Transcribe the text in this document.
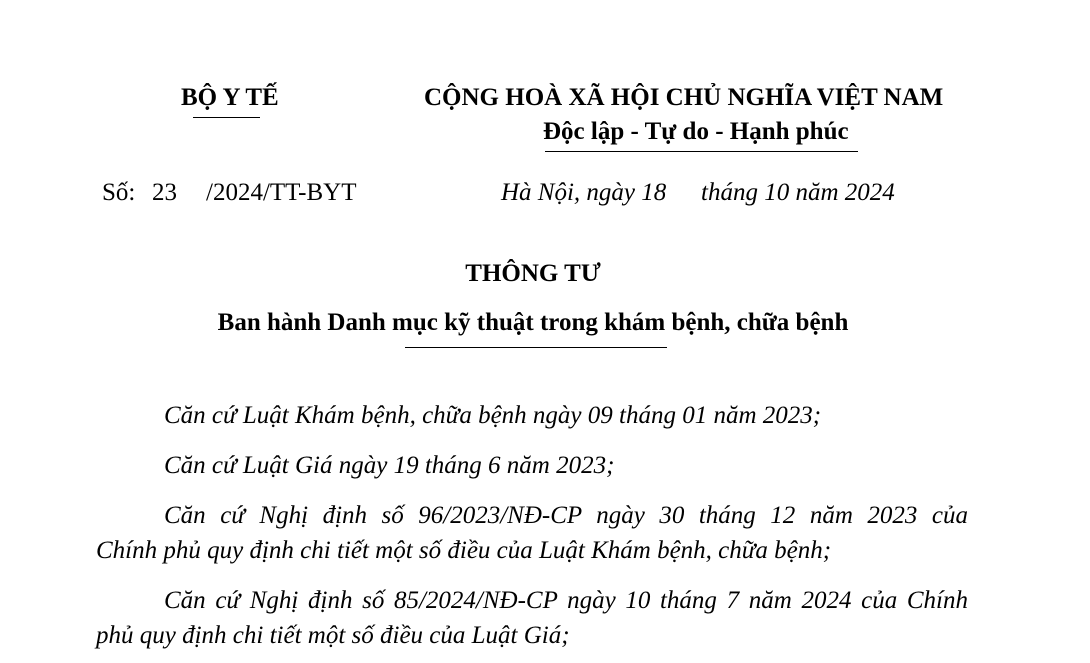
BỘ Y TẾ	CỘNG HOÀ XÃ HỘI CHỦ NGHĨA VIỆT NAM
Độc lập - Tự do - Hạnh phúc
Số: 23 /2024/TT-BYT	Hà Nội, ngày 18 tháng 10 năm 2024
THÔNG TƯ
Ban hành Danh mục kỹ thuật trong khám bệnh, chữa bệnh
Căn cứ Luật Khám bệnh, chữa bệnh ngày 09 tháng 01 năm 2023;
Căn cứ Luật Giá ngày 19 tháng 6 năm 2023;
Căn cứ Nghị định số 96/2023/NĐ-CP ngày 30 tháng 12 năm 2023 của
Chính phủ quy định chi tiết một số điều của Luật Khám bệnh, chữa bệnh;
Căn cứ Nghị định số 85/2024/NĐ-CP ngày 10 tháng 7 năm 2024 của Chính
phủ quy định chi tiết một số điều của Luật Giá;
